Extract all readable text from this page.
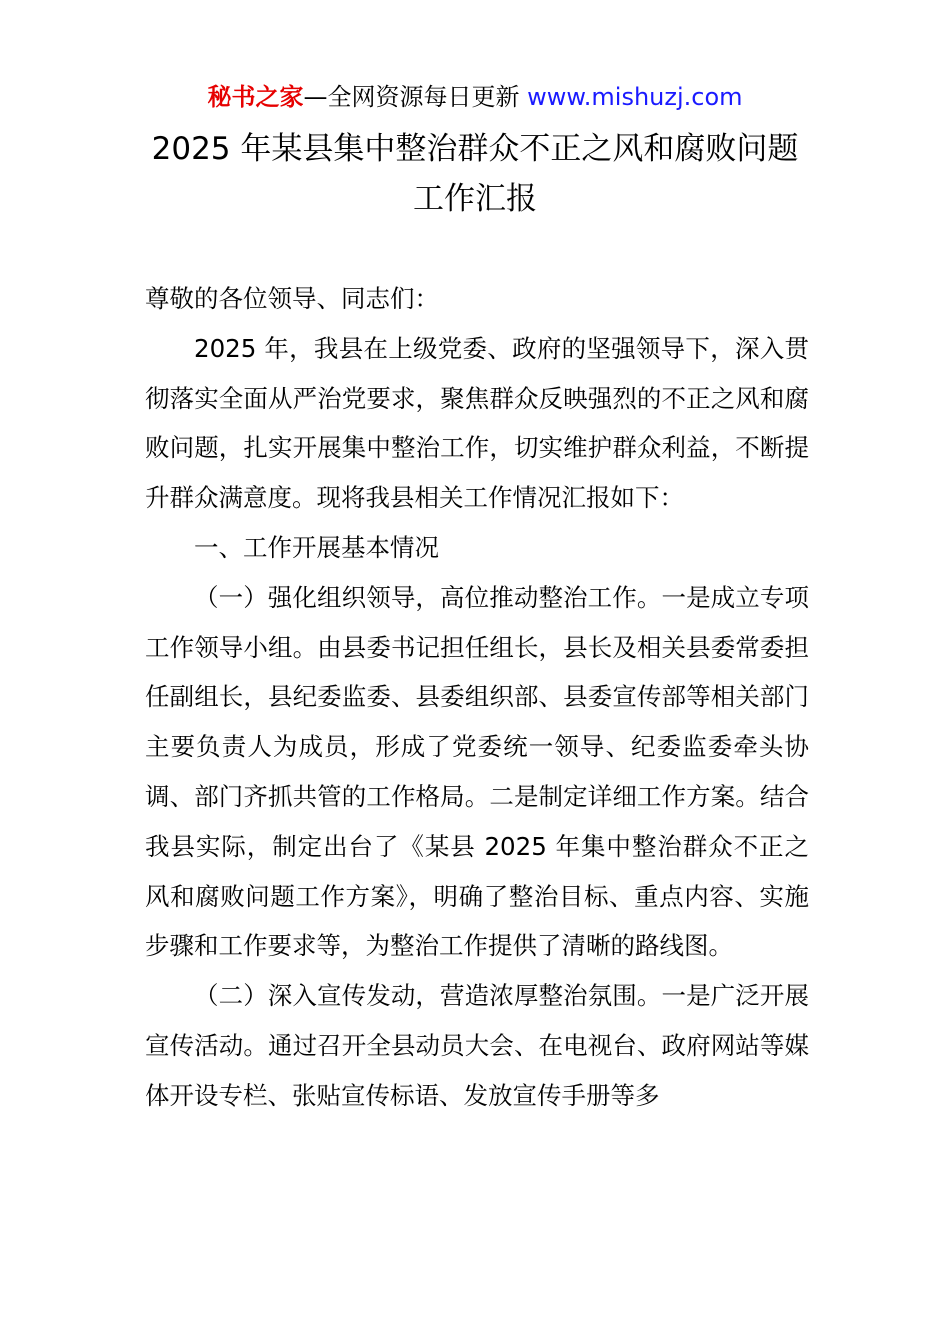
秘书之家—全网资源每日更新 www.mishuzj.com
2025 年某县集中整治群众不正之风和腐败问题
工作汇报

尊敬的各位领导、同志们：

2025 年，我县在上级党委、政府的坚强领导下，深入贯彻落实全面从严治党要求，聚焦群众反映强烈的不正之风和腐败问题，扎实开展集中整治工作，切实维护群众利益，不断提升群众满意度。现将我县相关工作情况汇报如下：

一、工作开展基本情况

（一）强化组织领导，高位推动整治工作。一是成立专项工作领导小组。由县委书记担任组长，县长及相关县委常委担任副组长，县纪委监委、县委组织部、县委宣传部等相关部门主要负责人为成员，形成了党委统一领导、纪委监委牵头协调、部门齐抓共管的工作格局。二是制定详细工作方案。结合我县实际，制定出台了《某县 2025 年集中整治群众不正之风和腐败问题工作方案》，明确了整治目标、重点内容、实施步骤和工作要求等，为整治工作提供了清晰的路线图。

（二）深入宣传发动，营造浓厚整治氛围。一是广泛开展宣传活动。通过召开全县动员大会、在电视台、政府网站等媒体开设专栏、张贴宣传标语、发放宣传手册等多
